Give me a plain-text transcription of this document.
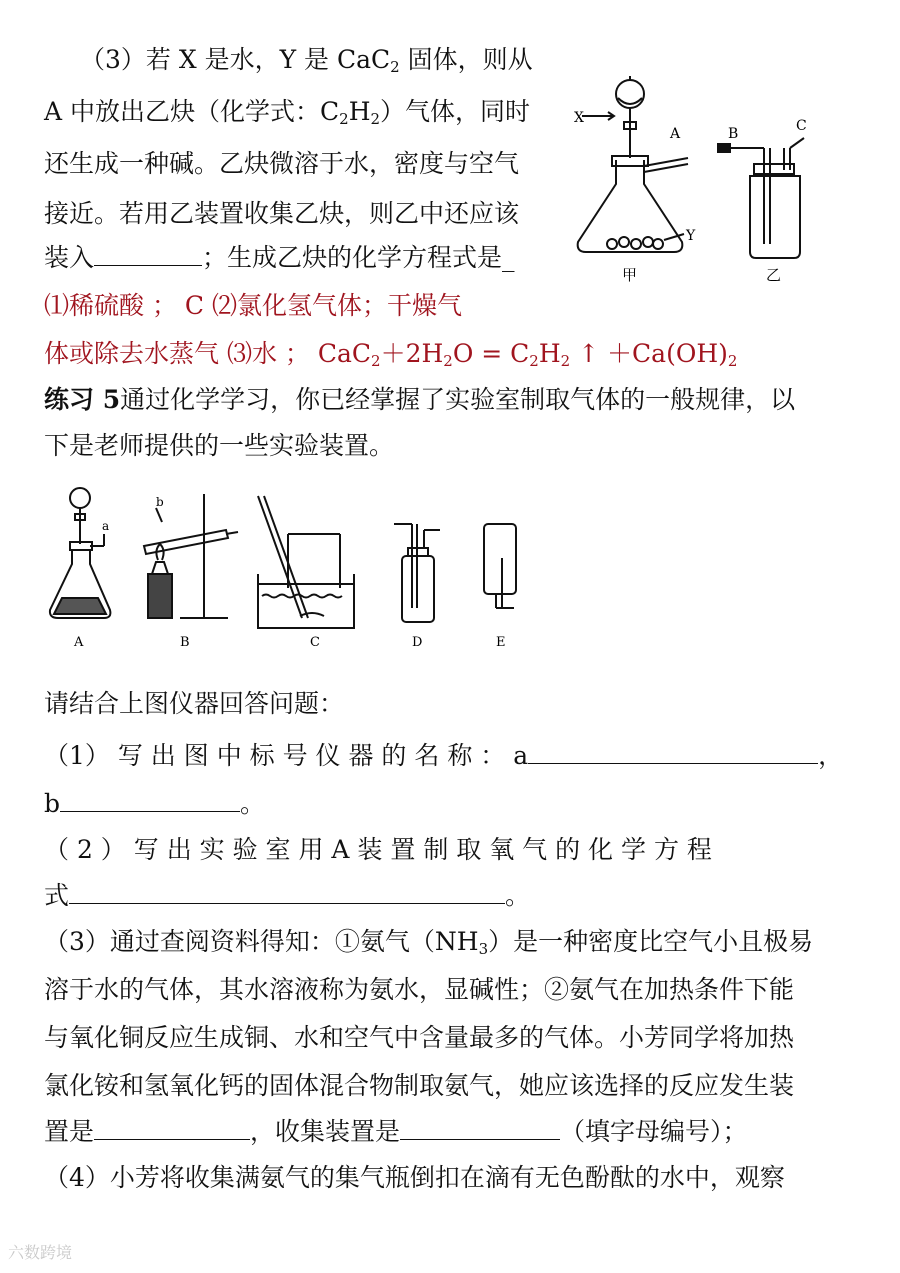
（3）若 X 是水，Y 是 CaC$_2$ 固体，则从
A 中放出乙炔（化学式：$C_2H_2$）气体，同时
还生成一种碱。乙炔微溶于水，密度与空气
接近。若用乙装置收集乙炔，则乙中还应该
装入	；生成乙炔的化学方程式是_
⑴稀硫酸 ； C ⑵氯化氢气体；干燥气
体或除去水蒸气 ⑶水 ； $CaC_2+2H_2O = C_2H_2$ ↑ $+Ca(OH)_2$
练习 5通过化学学习，你已经掌握了实验室制取气体的一般规律，以
下是老师提供的一些实验装置。
X
A	B	C
Y
甲	乙
b
a
A	B	C	D	E
请结合上图仪器回答问题：
（1） 写 出 图 中 标 号 仪 器 的 名 称 ： a	，
b	。
（ 2 ） 写 出 实 验 室 用 A 装 置 制 取 氧 气 的 化 学 方 程
式	。
（3）通过查阅资料得知：①氨气$(NH_3)$是一种密度比空气小且极易
溶于水的气体，其水溶液称为氨水，显碱性；②氨气在加热条件下能
与氧化铜反应生成铜、水和空气中含量最多的气体。小芳同学将加热
氯化铵和氢氧化钙的固体混合物制取氨气，她应该选择的反应发生装
置是	，收集装置是	（填字母编号）；
（4）小芳将收集满氨气的集气瓶倒扣在滴有无色酚酞的水中，观察
六数跨境
